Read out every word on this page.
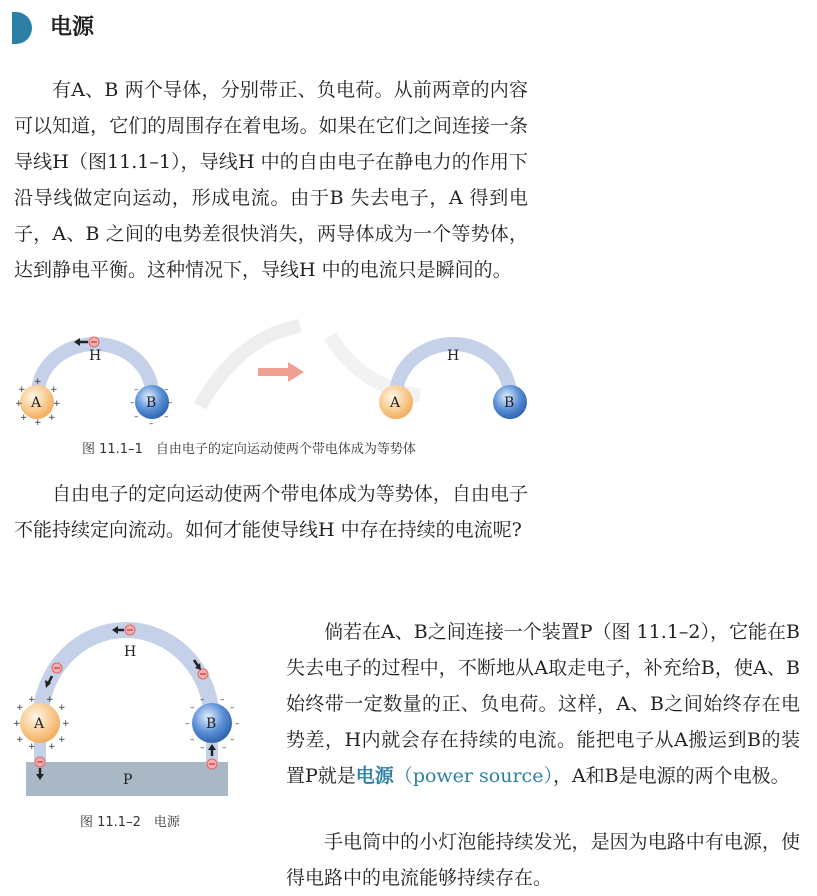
电源

有A、B 两个导体，分别带正、负电荷。从前两章的内容可以知道，它们的周围存在着电场。如果在它们之间连接一条导线H（图11.1–1），导线H 中的自由电子在静电力的作用下沿导线做定向运动，形成电流。由于B 失去电子，A 得到电子，A、B 之间的电势差很快消失，两导体成为一个等势体，达到静电平衡。这种情况下，导线H 中的电流只是瞬间的。

H
A
+	+
+	+
+
+
+ +
B
–	–
–	–
–	–
–
H
A	B
图 11.1–1　自由电子的定向运动使两个带电体成为等势体

自由电子的定向运动使两个带电体成为等势体，自由电子不能持续定向流动。如何才能使导线H 中存在持续的电流呢?

P
H
A
+	+
+	+
+ +
+	+
+ +
B
–	–
–	–
– –
–	–
– –
图 11.1–2　电源

倘若在A、B之间连接一个装置P（图 11.1–2），它能在B失去电子的过程中，不断地从A取走电子，补充给B，使A、B始终带一定数量的正、负电荷。这样，A、B之间始终存在电势差，H内就会存在持续的电流。能把电子从A搬运到B的装置P就是电源（power source），A和B是电源的两个电极。

手电筒中的小灯泡能持续发光，是因为电路中有电源，使得电路中的电流能够持续存在。
